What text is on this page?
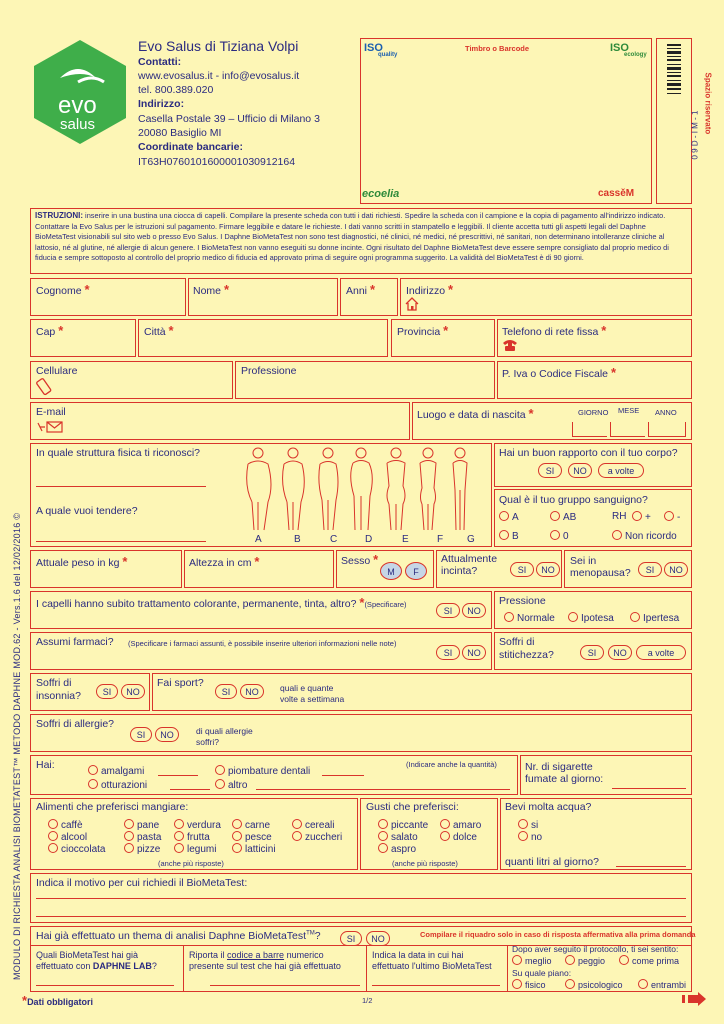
evo
salus
Evo Salus di Tiziana Volpi
Contatti:
www.evosalus.it - info@evosalus.it
tel. 800.389.020
Indirizzo:
Casella Postale 39 – Ufficio di Milano 3
20080 Basiglio MI
Coordinate bancarie:
IT63H0760101600001030912164
ISO
quality
Timbro o Barcode	ISO
ecology
ecoelia	cassěM
0 9 D - I M - 1
Spazio riservato
ISTRUZIONI: inserire in una bustina una ciocca di capelli. Compilare la presente scheda con tutti i dati richiesti. Spedire la scheda con il campione e la copia di pagamento all'indirizzo indicato. Contattare la Evo Salus per le istruzioni sul pagamento. Firmare leggibile e datare le richieste. I dati vanno scritti in stampatello e leggibili. Il cliente accetta tutti gli aspetti legali del Daphne BioMetaTest visionabili sul sito web o presso Evo Salus. I Daphne BioMetaTest non sono test diagnostici, né clinici, né medici, né prescrittivi, né sanitari, non determinano intolleranze cliniche al lattosio, né al glutine, né allergie di alcun genere. I BioMetaTest non vanno eseguiti su donne incinte. Ogni risultato del Daphne BioMetaTest deve essere sempre consigliato dal proprio medico di fiducia e sempre sottoposto al controllo del proprio medico di fiducia ed approvato prima di seguire ogni programma suggerito. La validità del BioMetaTest è di 90 giorni.
Cognome *	Nome *	Anni *	Indirizzo *
Cap *	Città *	Provincia *	Telefono di rete fissa *
Cellulare	Professione	P. Iva o Codice Fiscale *
E-mail	Luogo e data di nascita *	GIORNO MESE ANNO
In quale struttura fisica ti riconosci?
A quale vuoi tendere?
A	B	C	D	E	F G
Hai un buon rapporto con il tuo corpo?
SI	NO	a volte
Qual è il tuo gruppo sanguigno?
A	AB	RH	+	-
B	0	Non ricordo
Attuale peso in kg *	Altezza in cm *	Sesso *
M	F
Attualmente
incinta?	SI	NO
Sei in
menopausa?	SI	NO
I capelli hanno subito trattamento colorante, permanente, tinta, altro? *(Specificare)
SI	NO
Pressione
Normale	Ipotesa	Ipertesa
Assumi farmaci? (Specificare i farmaci assunti, è possibile inserire ulteriori informazioni nelle note)
SI	NO
Soffri di
stitichezza?	SI	NO	a volte
Soffri di
insonnia?	SI	NO
Fai sport?
SI	NO	quali e quante
volte a settimana
Soffri di allergie?
SI	NO	di quali allergie
soffri?
Hai:
amalgami
otturazioni
piombature dentali
altro
(Indicare anche la quantità)	Nr. di sigarette
fumate al giorno:
Alimenti che preferisci mangiare:
caffè
alcool
cioccolata
pane
pasta
pizze
verdura
frutta
legumi
carne
pesce
latticini
cereali
zuccheri
(anche più risposte)
Gusti che preferisci:
piccante
salato
aspro
amaro
dolce
(anche più risposte)
Bevi molta acqua?
si
no
quanti litri al giorno?
Indica il motivo per cui richiedi il BioMetaTest:
Hai già effettuato un thema di analisi Daphne BioMetaTest™?	SI	NO	Compilare il riquadro solo in caso di risposta affermativa alla prima domanda
Quali BioMetaTest hai già
effettuato con DAPHNE LAB?
Riporta il codice a barre numerico
presente sul test che hai già effettuato
Indica la data in cui hai
effettuato l'ultimo BioMetaTest
Dopo aver seguito il protocollo, ti sei sentito:
meglio	peggio	come prima
Su quale piano:
fisico	psicologico	entrambi
*Dati obbligatori	1/2
MODULO DI RICHIESTA ANALISI BIOMETATEST™ METODO DAPHNE MOD.62 - Vers.1.6 del 12/02/2016 ©
